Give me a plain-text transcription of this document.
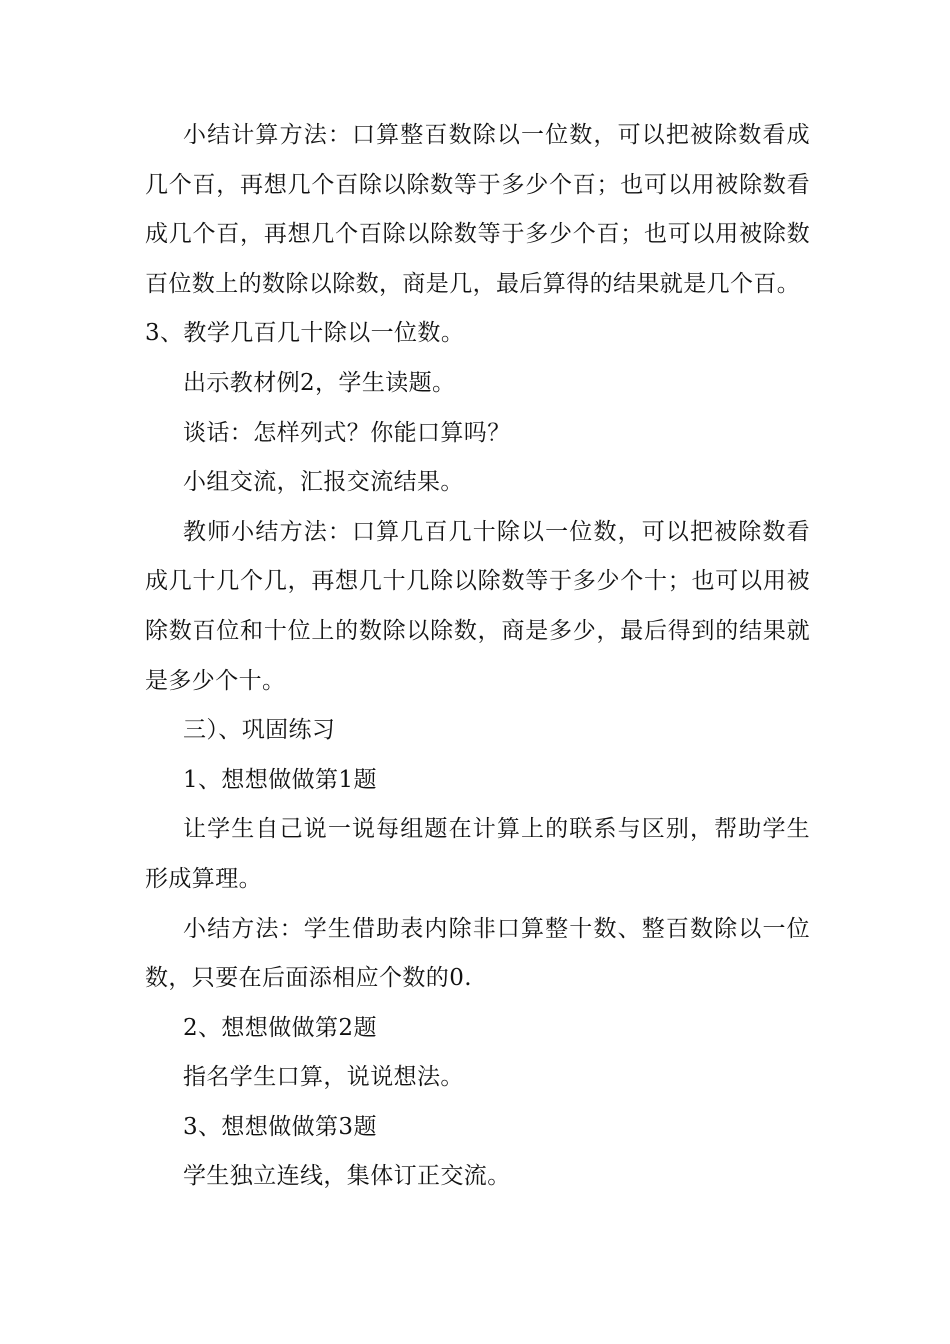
小结计算方法：口算整百数除以一位数，可以把被除数看成几个百，再想几个百除以除数等于多少个百；也可以用被除数看成几个百，再想几个百除以除数等于多少个百；也可以用被除数百位数上的数除以除数，商是几，最后算得的结果就是几个百。

3、教学几百几十除以一位数。

出示教材例2，学生读题。

谈话：怎样列式？你能口算吗？

小组交流，汇报交流结果。

教师小结方法：口算几百几十除以一位数，可以把被除数看成几十几个几，再想几十几除以除数等于多少个十；也可以用被除数百位和十位上的数除以除数，商是多少，最后得到的结果就是多少个十。

三）、巩固练习

1、想想做做第1题

让学生自己说一说每组题在计算上的联系与区别，帮助学生形成算理。

小结方法：学生借助表内除非口算整十数、整百数除以一位数，只要在后面添相应个数的0.

2、想想做做第2题

指名学生口算，说说想法。

3、想想做做第3题

学生独立连线，集体订正交流。
